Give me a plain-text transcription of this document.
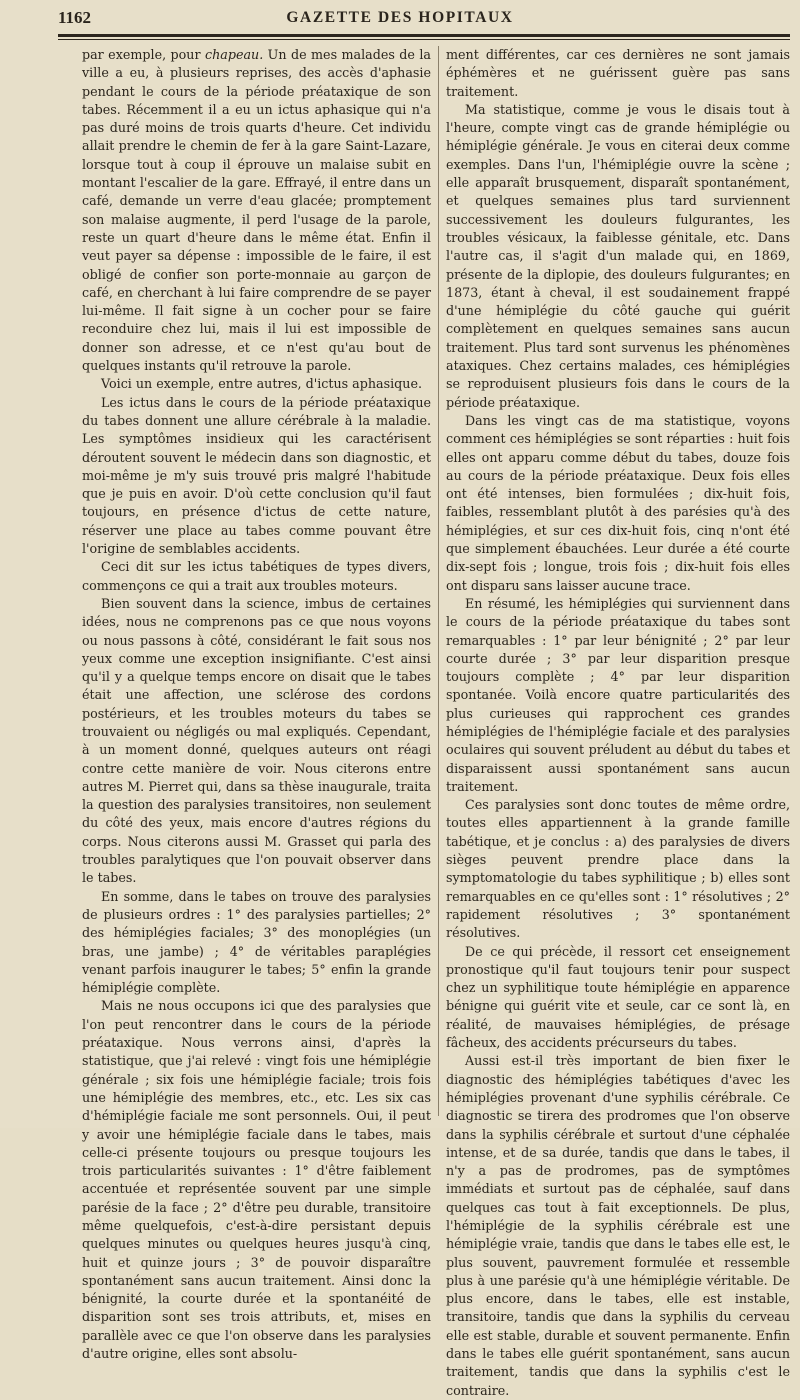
1162	GAZETTE DES HOPITAUX

par exemple, pour chapeau. Un de mes malades de la ville a eu, à plusieurs reprises, des accès d'aphasie pendant le cours de la période préataxique de son tabes. Récemment il a eu un ictus aphasique qui n'a pas duré moins de trois quarts d'heure. Cet individu allait prendre le chemin de fer à la gare Saint-Lazare, lorsque tout à coup il éprouve un malaise subit en montant l'escalier de la gare. Effrayé, il entre dans un café, demande un verre d'eau glacée; promptement son malaise augmente, il perd l'usage de la parole, reste un quart d'heure dans le même état. Enfin il veut payer sa dépense : impossible de le faire, il est obligé de confier son porte-monnaie au garçon de café, en cherchant à lui faire comprendre de se payer lui-même. Il fait signe à un cocher pour se faire reconduire chez lui, mais il lui est impossible de donner son adresse, et ce n'est qu'au bout de quelques instants qu'il retrouve la parole.

Voici un exemple, entre autres, d'ictus aphasique.

Les ictus dans le cours de la période préataxique du tabes donnent une allure cérébrale à la maladie. Les symptômes insidieux qui les caractérisent déroutent souvent le médecin dans son diagnostic, et moi-même je m'y suis trouvé pris malgré l'habitude que je puis en avoir. D'où cette conclusion qu'il faut toujours, en présence d'ictus de cette nature, réserver une place au tabes comme pouvant être l'origine de semblables accidents.

Ceci dit sur les ictus tabétiques de types divers, commençons ce qui a trait aux troubles moteurs.

Bien souvent dans la science, imbus de certaines idées, nous ne comprenons pas ce que nous voyons ou nous passons à côté, considérant le fait sous nos yeux comme une exception insignifiante. C'est ainsi qu'il y a quelque temps encore on disait que le tabes était une affection, une sclérose des cordons postérieurs, et les troubles moteurs du tabes se trouvaient ou négligés ou mal expliqués. Cependant, à un moment donné, quelques auteurs ont réagi contre cette manière de voir. Nous citerons entre autres M. Pierret qui, dans sa thèse inaugurale, traita la question des paralysies transitoires, non seulement du côté des yeux, mais encore d'autres régions du corps. Nous citerons aussi M. Grasset qui parla des troubles paralytiques que l'on pouvait observer dans le tabes.

En somme, dans le tabes on trouve des paralysies de plusieurs ordres : 1° des paralysies partielles; 2° des hémiplégies faciales; 3° des monoplégies (un bras, une jambe) ; 4° de véritables paraplégies venant parfois inaugurer le tabes; 5° enfin la grande hémiplégie complète.

Mais ne nous occupons ici que des paralysies que l'on peut rencontrer dans le cours de la période préataxique. Nous verrons ainsi, d'après la statistique, que j'ai relevé : vingt fois une hémiplégie générale ; six fois une hémiplégie faciale; trois fois une hémiplégie des membres, etc., etc. Les six cas d'hémiplégie faciale me sont personnels. Oui, il peut y avoir une hémiplégie faciale dans le tabes, mais celle-ci présente toujours ou presque toujours les trois particularités suivantes : 1° d'être faiblement accentuée et représentée souvent par une simple parésie de la face ; 2° d'être peu durable, transitoire même quelquefois, c'est-à-dire persistant depuis quelques minutes ou quelques heures jusqu'à cinq, huit et quinze jours ; 3° de pouvoir disparaître spontanément sans aucun traitement. Ainsi donc la bénignité, la courte durée et la spontanéité de disparition sont ses trois attributs, et, mises en parallèle avec ce que l'on observe dans les paralysies d'autre origine, elles sont absolu-

ment différentes, car ces dernières ne sont jamais éphémères et ne guérissent guère pas sans traitement.

Ma statistique, comme je vous le disais tout à l'heure, compte vingt cas de grande hémiplégie ou hémiplégie générale. Je vous en citerai deux comme exemples. Dans l'un, l'hémiplégie ouvre la scène ; elle apparaît brusquement, disparaît spontanément, et quelques semaines plus tard surviennent successivement les douleurs fulgurantes, les troubles vésicaux, la faiblesse génitale, etc. Dans l'autre cas, il s'agit d'un malade qui, en 1869, présente de la diplopie, des douleurs fulgurantes; en 1873, étant à cheval, il est soudainement frappé d'une hémiplégie du côté gauche qui guérit complètement en quelques semaines sans aucun traitement. Plus tard sont survenus les phénomènes ataxiques. Chez certains malades, ces hémiplégies se reproduisent plusieurs fois dans le cours de la période préataxique.

Dans les vingt cas de ma statistique, voyons comment ces hémiplégies se sont réparties : huit fois elles ont apparu comme début du tabes, douze fois au cours de la période préataxique. Deux fois elles ont été intenses, bien formulées ; dix-huit fois, faibles, ressemblant plutôt à des parésies qu'à des hémiplégies, et sur ces dix-huit fois, cinq n'ont été que simplement ébauchées. Leur durée a été courte dix-sept fois ; longue, trois fois ; dix-huit fois elles ont disparu sans laisser aucune trace.

En résumé, les hémiplégies qui surviennent dans le cours de la période préataxique du tabes sont remarquables : 1° par leur bénignité ; 2° par leur courte durée ; 3° par leur disparition presque toujours complète ; 4° par leur disparition spontanée. Voilà encore quatre particularités des plus curieuses qui rapprochent ces grandes hémiplégies de l'hémiplégie faciale et des paralysies oculaires qui souvent préludent au début du tabes et disparaissent aussi spontanément sans aucun traitement.

Ces paralysies sont donc toutes de même ordre, toutes elles appartiennent à la grande famille tabétique, et je conclus : a) des paralysies de divers sièges peuvent prendre place dans la symptomatologie du tabes syphilitique ; b) elles sont remarquables en ce qu'elles sont : 1° résolutives ; 2° rapidement résolutives ; 3° spontanément résolutives.

De ce qui précède, il ressort cet enseignement pronostique qu'il faut toujours tenir pour suspect chez un syphilitique toute hémiplégie en apparence bénigne qui guérit vite et seule, car ce sont là, en réalité, de mauvaises hémiplégies, de présage fâcheux, des accidents précurseurs du tabes.

Aussi est-il très important de bien fixer le diagnostic des hémiplégies tabétiques d'avec les hémiplégies provenant d'une syphilis cérébrale. Ce diagnostic se tirera des prodromes que l'on observe dans la syphilis cérébrale et surtout d'une céphalée intense, et de sa durée, tandis que dans le tabes, il n'y a pas de prodromes, pas de symptômes immédiats et surtout pas de céphalée, sauf dans quelques cas tout à fait exceptionnels. De plus, l'hémiplégie de la syphilis cérébrale est une hémiplégie vraie, tandis que dans le tabes elle est, le plus souvent, pauvrement formulée et ressemble plus à une parésie qu'à une hémiplégie véritable. De plus encore, dans le tabes, elle est instable, transitoire, tandis que dans la syphilis du cerveau elle est stable, durable et souvent permanente. Enfin dans le tabes elle guérit spontanément, sans aucun traitement, tandis que dans la syphilis c'est le contraire.
